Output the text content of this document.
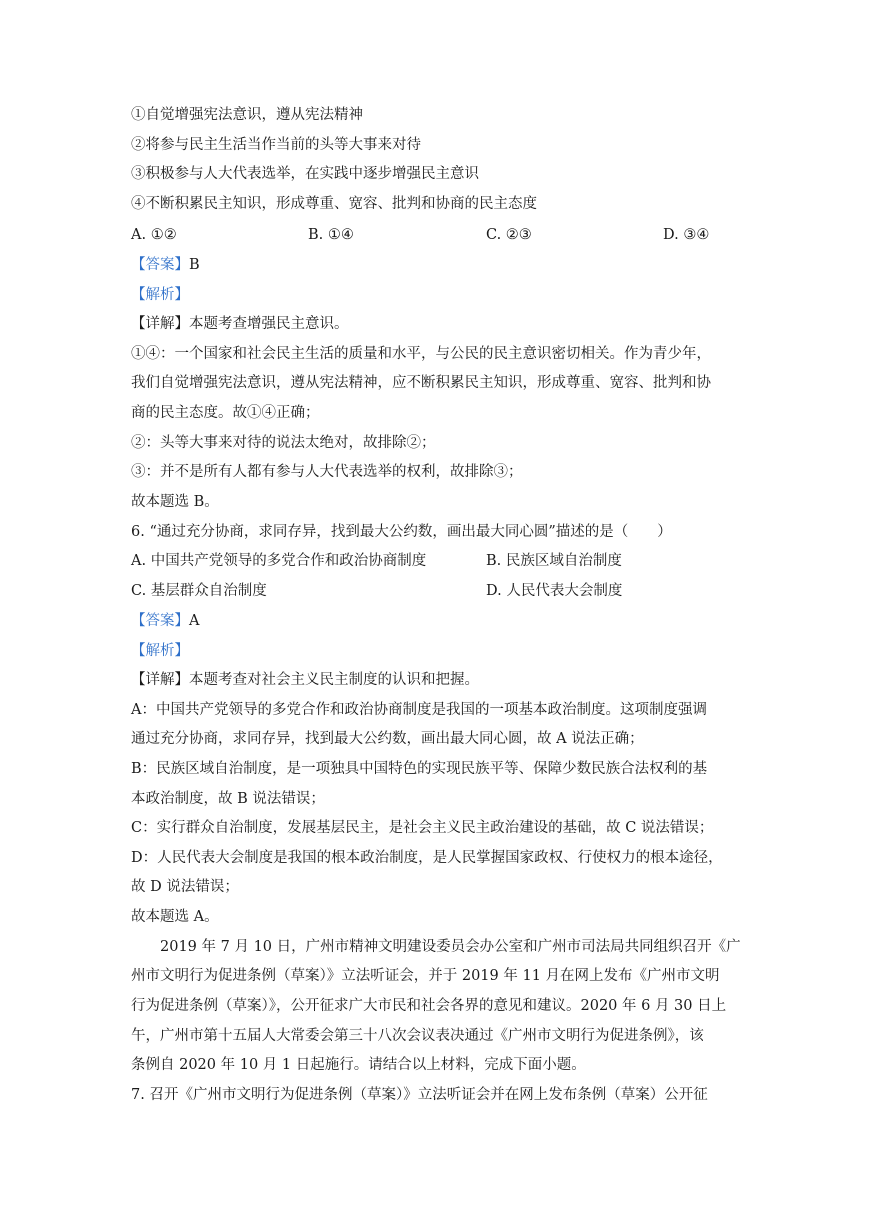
①自觉增强宪法意识，遵从宪法精神
②将参与民主生活当作当前的头等大事来对待
③积极参与人大代表选举，在实践中逐步增强民主意识
④不断积累民主知识，形成尊重、宽容、批判和协商的民主态度
A. ①②	B. ①④	C. ②③	D. ③④
【答案】B
【解析】
【详解】本题考查增强民主意识。
①④：一个国家和社会民主生活的质量和水平，与公民的民主意识密切相关。作为青少年，
我们自觉增强宪法意识，遵从宪法精神，应不断积累民主知识，形成尊重、宽容、批判和协
商的民主态度。故①④正确；
②：头等大事来对待的说法太绝对，故排除②；
③：并不是所有人都有参与人大代表选举的权利，故排除③；
故本题选 B。
6. “通过充分协商，求同存异，找到最大公约数，画出最大同心圆”描述的是（　　）
A. 中国共产党领导的多党合作和政治协商制度	B. 民族区域自治制度
C. 基层群众自治制度	D. 人民代表大会制度
【答案】A
【解析】
【详解】本题考查对社会主义民主制度的认识和把握。
A：中国共产党领导的多党合作和政治协商制度是我国的一项基本政治制度。这项制度强调
通过充分协商，求同存异，找到最大公约数，画出最大同心圆，故 A 说法正确；
B：民族区域自治制度，是一项独具中国特色的实现民族平等、保障少数民族合法权利的基
本政治制度，故 B 说法错误；
C：实行群众自治制度，发展基层民主，是社会主义民主政治建设的基础，故 C 说法错误；
D：人民代表大会制度是我国的根本政治制度，是人民掌握国家政权、行使权力的根本途径，
故 D 说法错误；
故本题选 A。
　　2019 年 7 月 10 日，广州市精神文明建设委员会办公室和广州市司法局共同组织召开《广
州市文明行为促进条例（草案）》立法听证会，并于 2019 年 11 月在网上发布《广州市文明
行为促进条例（草案）》，公开征求广大市民和社会各界的意见和建议。2020 年 6 月 30 日上
午，广州市第十五届人大常委会第三十八次会议表决通过《广州市文明行为促进条例》，该
条例自 2020 年 10 月 1 日起施行。请结合以上材料，完成下面小题。
7. 召开《广州市文明行为促进条例（草案）》立法听证会并在网上发布条例（草案）公开征
